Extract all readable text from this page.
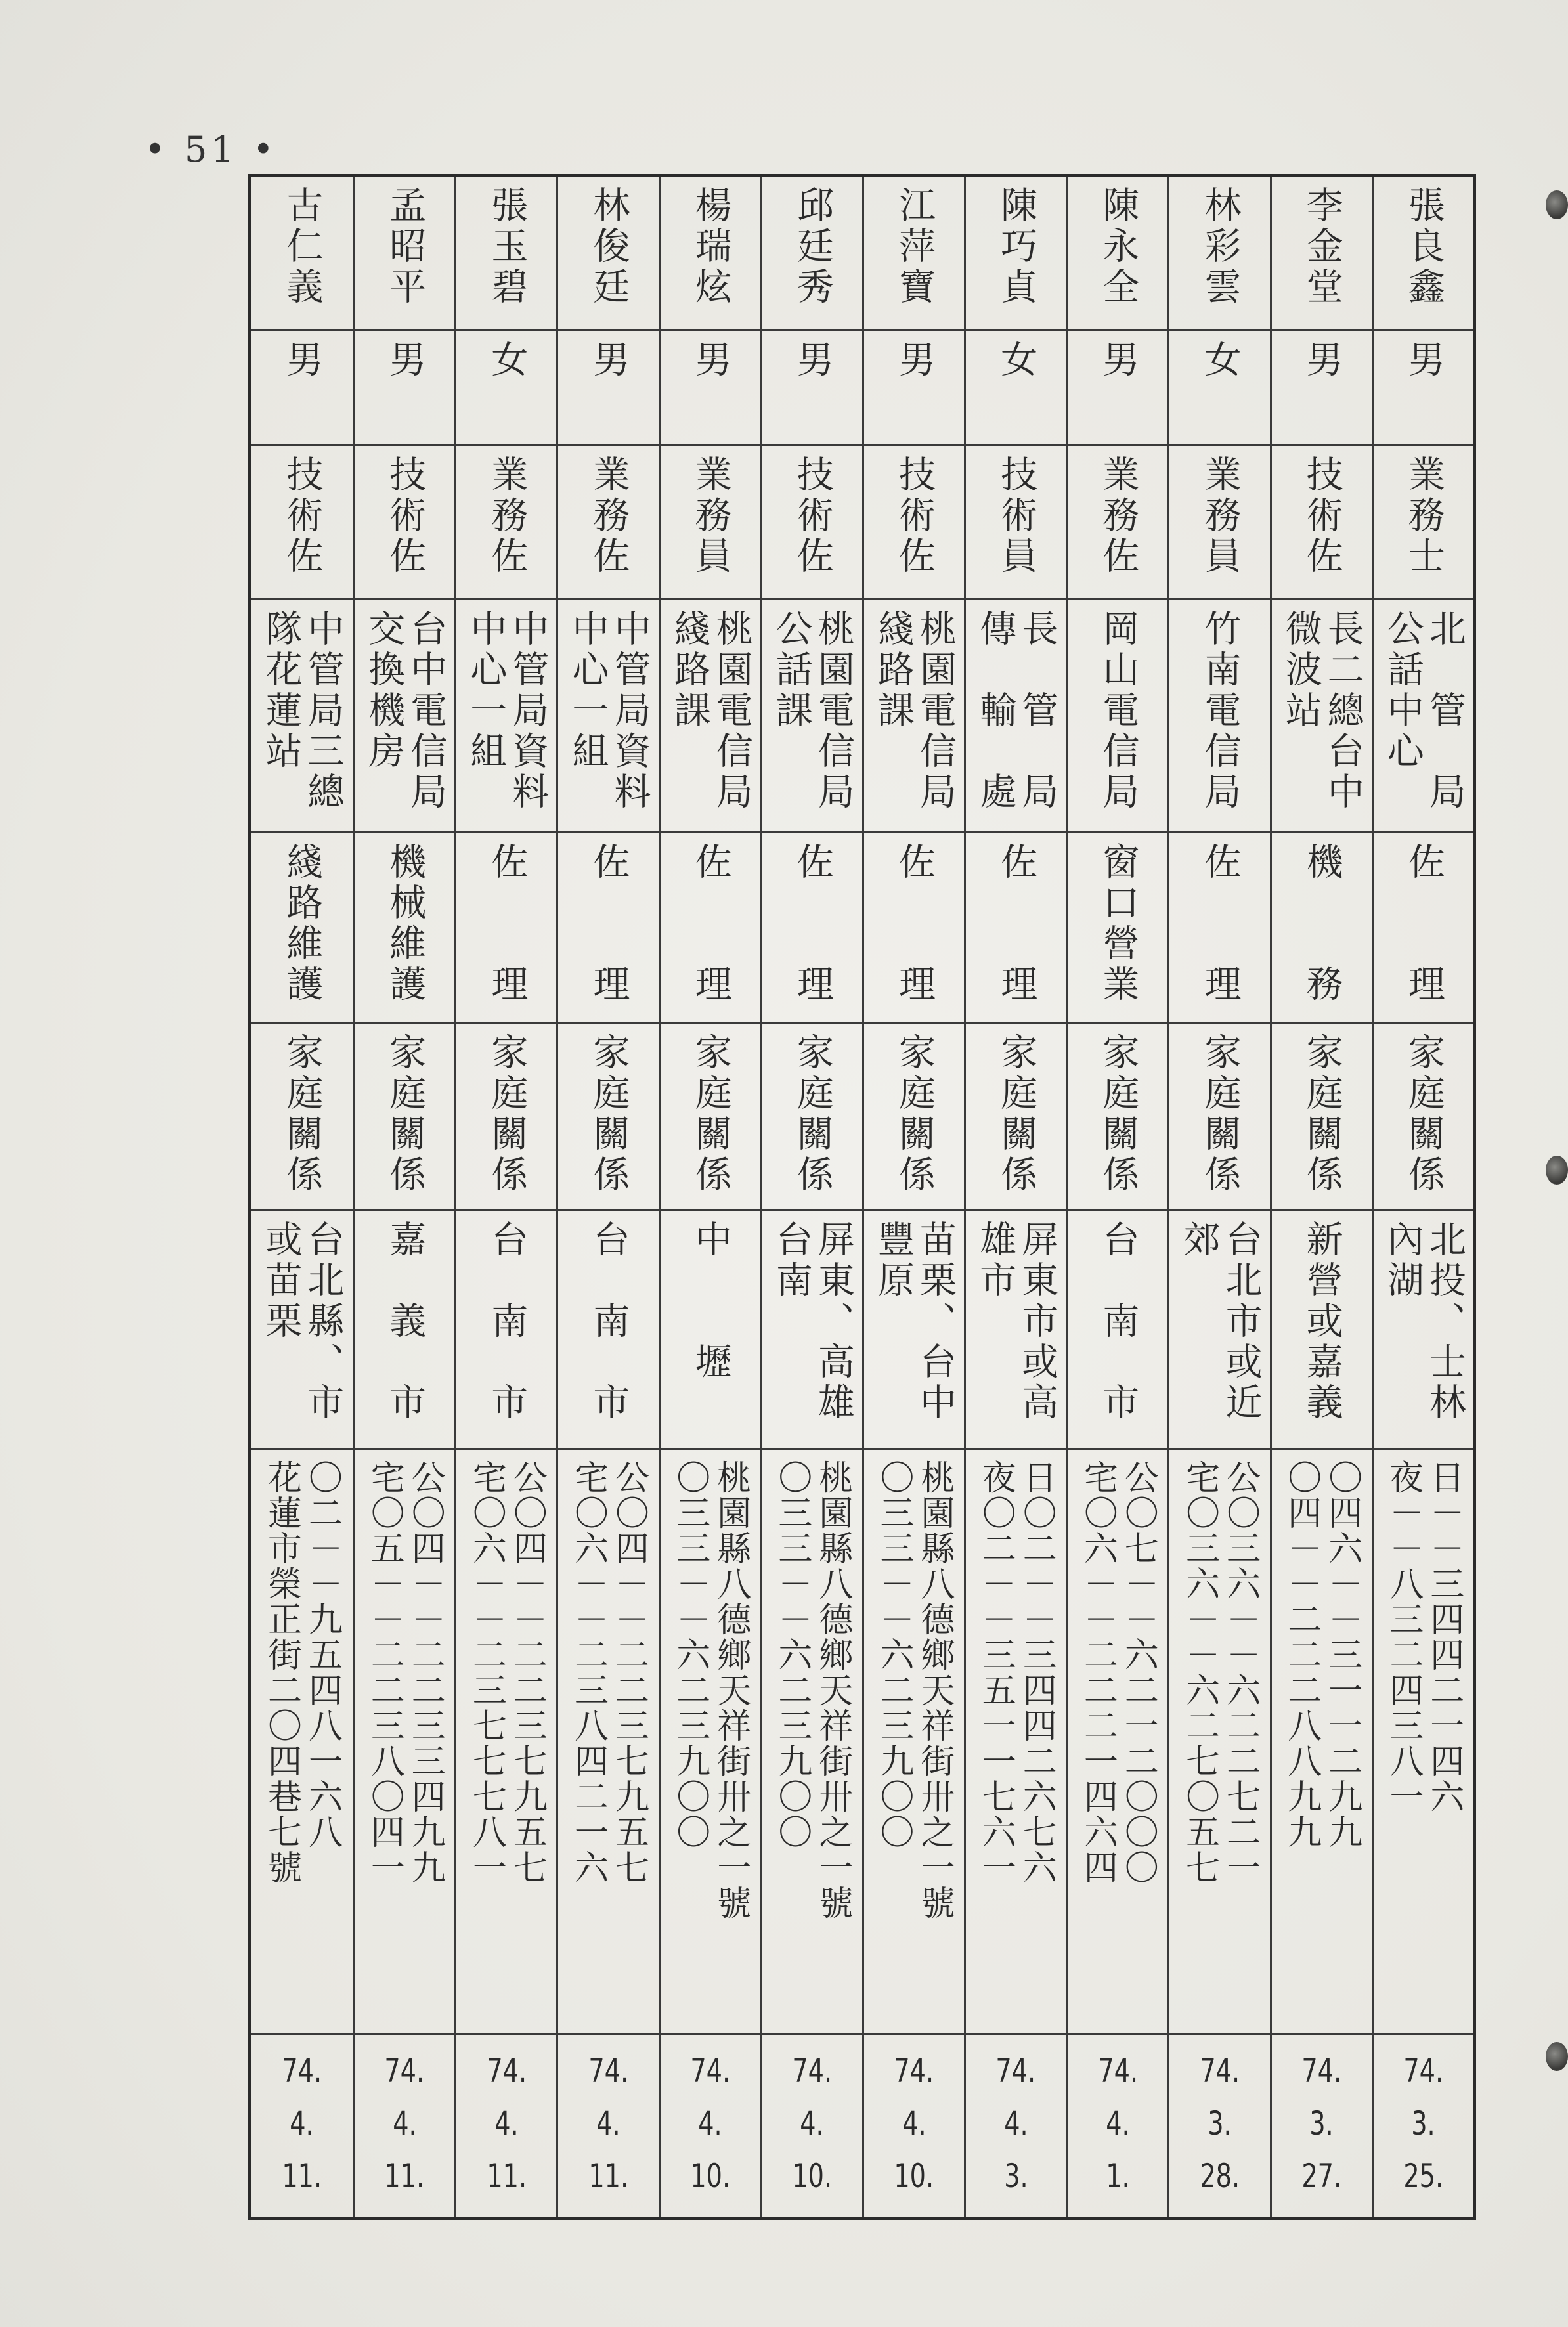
• 51 •
張良鑫
男
業務士
北　管　局
公話中心
佐　　理
家庭關係
北投、士林
內湖
日－－三四四二一四六
夜－－八三二四三八一
74.
3.
25.
李金堂
男
技術佐
長二總台中
微波站
機　　務
家庭關係
新營或嘉義
〇四六－－三一一二九九
〇四－－二二二八八九九
74.
3.
27.
林彩雲
女
業務員
竹南電信局
佐　　理
家庭關係
台北市或近
郊
公〇三六－－六二二七二一
宅〇三六－－六二七〇五七
74.
3.
28.
陳永全
男
業務佐
岡山電信局
窗口營業
家庭關係
台　南　市
公〇七－－六二一二〇〇〇
宅〇六－－二二二一四六四
74.
4.
1.
陳巧貞
女
技術員
長　管　局
傳　輸　處
佐　　理
家庭關係
屏東市或高
雄市
日〇二－－三四四二六七六
夜〇二－－三五一一七六一
74.
4.
3.
江萍寶
男
技術佐
桃園電信局
綫路課
佐　　理
家庭關係
苗栗、台中
豐原
桃園縣八德鄉天祥街卅之一號
〇三三－－六二三九〇〇
74.
4.
10.
邱廷秀
男
技術佐
桃園電信局
公話課
佐　　理
家庭關係
屏東、高雄
台南
桃園縣八德鄉天祥街卅之一號
〇三三－－六二三九〇〇
74.
4.
10.
楊瑞炫
男
業務員
桃園電信局
綫路課
佐　　理
家庭關係
中　　壢
桃園縣八德鄉天祥街卅之一號
〇三三－－六二三九〇〇
74.
4.
10.
林俊廷
男
業務佐
中管局資料
中心一組
佐　　理
家庭關係
台　南　市
公〇四－－二二三七九五七
宅〇六－－二三八四二一六
74.
4.
11.
張玉碧
女
業務佐
中管局資料
中心一組
佐　　理
家庭關係
台　南　市
公〇四－－二二三七九五七
宅〇六－－二三七七七八一
74.
4.
11.
孟昭平
男
技術佐
台中電信局
交換機房
機械維護
家庭關係
嘉　義　市
公〇四－－二二三三四九九
宅〇五－－二二三八〇四一
74.
4.
11.
古仁義
男
技術佐
中管局三總
隊花蓮站
綫路維護
家庭關係
台北縣、市
或苗栗
〇二－－九五四八一六八
花蓮市榮正街二〇四巷七號
74.
4.
11.
